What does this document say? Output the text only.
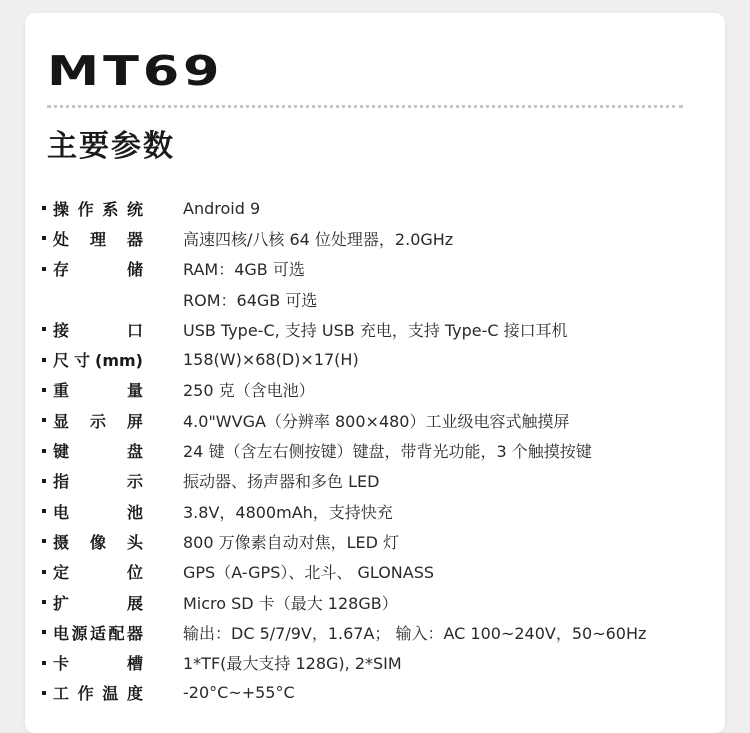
MT69
主要参数
操作系统	Android 9
处理器	高速四核/八核 64 位处理器，2.0GHz
存储	RAM：4GB 可选
ROM：64GB 可选
接口	USB Type-C, 支持 USB 充电，支持 Type-C 接口耳机
尺寸(mm)	158(W)×68(D)×17(H)
重量	250 克（含电池）
显示屏	4.0"WVGA（分辨率 800×480）工业级电容式触摸屏
键盘	24 键（含左右侧按键）键盘，带背光功能，3 个触摸按键
指示	振动器、扬声器和多色 LED
电池	3.8V，4800mAh，支持快充
摄像头	800 万像素自动对焦，LED 灯
定位	GPS（A-GPS）、北斗、 GLONASS
扩展	Micro SD 卡（最大 128GB）
电源适配器	输出：DC 5/7/9V，1.67A； 输入：AC 100~240V，50~60Hz
卡槽	1*TF(最大支持 128G), 2*SIM
工作温度	-20°C~+55°C
